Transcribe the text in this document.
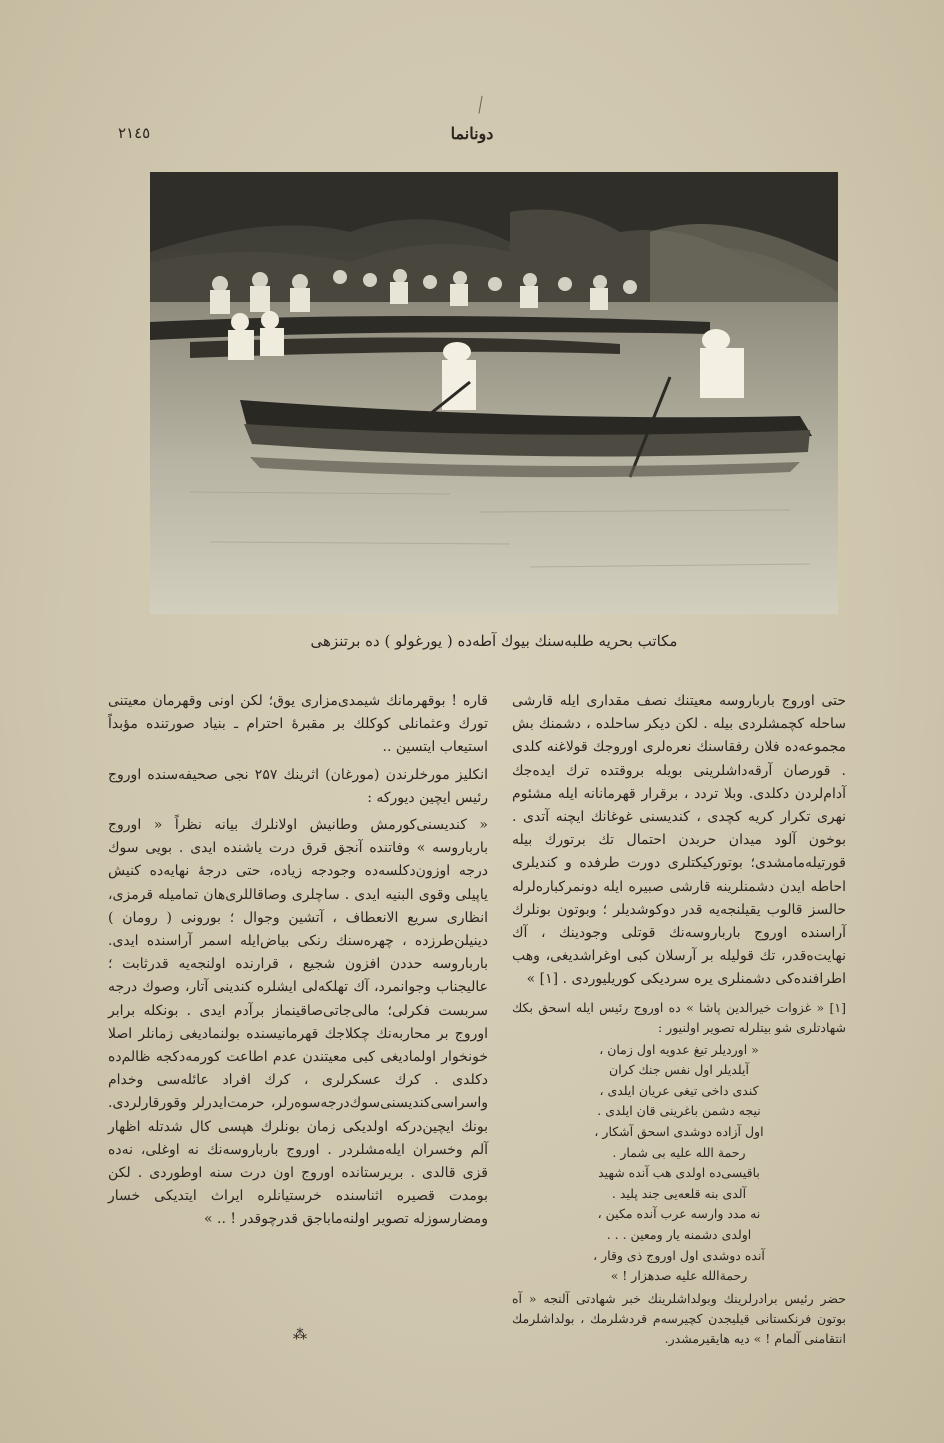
۲۱٤٥	دونانما
مکاتب بحریه طلبه‌سنك بیوك آطه‌ده ( یورغولو ) ده برتنزهی

حتی اوروج باربارو‌سه معیتنك نصف مقداری ایله قارشی ساحله کچمشلردی بیله . لکن دیکر ساحلده ، دشمنك بش مجموعه‌ده فلان رفقاسنك نعره‌لری اوروجك قولاغنه کلدی . قورصان آرقه‌داشلرینی بویله برو‌قتده ترك ایده‌جك آدام‌لردن دکلدی. وبلا تردد ، برقرار قهرمانانه ایله مشئوم نهری تکرار کریه کچدی ، کندیسنی غوغانك ایچنه آتدی . بوخون آلود میدان حربدن احتمال تك برتورك بیله قورتیله‌مامشدی؛ بوتورکیکتلری دورت طرفده و کندیلری احاطه ایدن دشمنلرینه قارشی صبیره ایله دونمرکباره‌لرله حالسز قالوب یقیلنجه‌یه قدر دوکوشدیلر ؛ وبوتون بونلرك آراسنده اوروج بارباروسه‌نك قوتلی وجودینك ، آك نهایت‌ه‌قدر، تك قولیله بر آرسلان کبی اوغراشدیغی، وهب اطرافنده‌کی دشمنلری یره سردیکی کوریلیوردی . [۱] »

[۱] « غزوات خیرالدین پاشا » ده اوروج رئیس ایله اسحق بکك شهادتلری شو بیتلرله تصویر اولنیور :
« اوردیلر تیغ عدویه اول زمان ،
آیلدیلر اول نفس جنك کران
کندی داخی تیغی عریان ایلدی ،
نیجه دشمن باغرینی قان ایلدی .
اول آزاده دوشدی اسحق آشکار ،
رحمة الله علیه بی شمار .
باقیسی‌ده اولدی هب آنده شهید
آلدی بنه قلعه‌یی جند پلید .
نه مدد وارسه عرب آنده مکین ،
اولدی دشمنه یار ومعین . . .
آنده دوشدی اول اوروج ذی وقار ،
رحمةالله علیه صدهزار ! »
حضر رئیس برادرلرینك وبولداشلرینك خبر شهادتی آلنجه « آه بوتون فرنکستانی قیلیجدن کچیرسه‌م قردشلرمك ، بولداشلرمك انتقامنی آلمام ! » دیه هایقیرمشدر.

قاره ! بوقهرمانك شیمدی‌مزاری یوق؛ لکن اونی وقهرمان معیتنی تورك وعثمانلی کوکلك بر مقبرۀ احترام ـ بنیاد صورتنده مؤبداً استیعاب ایتسین ..

انکلیز مورخلرندن (مورغان) اثرینك ۲۵۷ نجی صحیفه‌سنده اوروج رئیس ایچین دیورکه :

« کندیسنی‌کورمش وطانیش اولانلرك بیانه نظراً « اوروج بارباروسه » وفاتنده آنجق قرق درت یاشنده ایدی . بویی سوك درجه اوزون‌دکلسه‌ده وجودجه زیاده، حتی درجۀ نهایه‌ده کنیش یاپیلی وقوی البنیه ایدی . ساچلری وصاقاللری‌هان تمامیله قرمزی، انظاری سریع الانعطاف ، آتشین وجوال ؛ بورونی ( رومان ) دینیلن‌طرزده ، چهره‌سنك رنکی بیاض‌ایله اسمر آراسنده ایدی. بارباروسه حددن افزون شجیع ، قرارنده اولنجه‌یه قدرثابت ؛ عالیجناب وجوانمرد، آك تهلکه‌لی ایشلره کندینی آتار، وصوك درجه سربست فکرلی؛ مالی‌جاتی‌صاقینماز برآدم ایدی . بونکله برابر اوروج بر محاربه‌نك چکلاجك قهرمانیسنده بولنمادیغی زمانلر اصلا خونخوار اولمادیغی کبی معیتندن عدم اطاعت کورمه‌دکجه ظالم‌ده دکلدی . کرك عسکرلری ، کرك افراد عائله‌سی وخدام واسراسی‌کندیسنی‌سوك‌درجه‌سوه‌رلر، حرمت‌ایدرلر وقورقارلردی. بونك ایچین‌درکه اولدیکی زمان بونلرك هپسی کال شدتله اظهار آلم وخسران ایله‌مشلردر . اوروج بارباروسه‌نك نه اوغلی، نه‌ده قزی قالدی . بریرستانده اوروج اون درت سنه اوطوردی . لکن بومدت قصیره اثناسنده خرستیانلره ایراث ایتدیکی خسار ومضارسوزله تصویر اولنه‌ماباجق قدرچوقدر ! .. »

⁂
